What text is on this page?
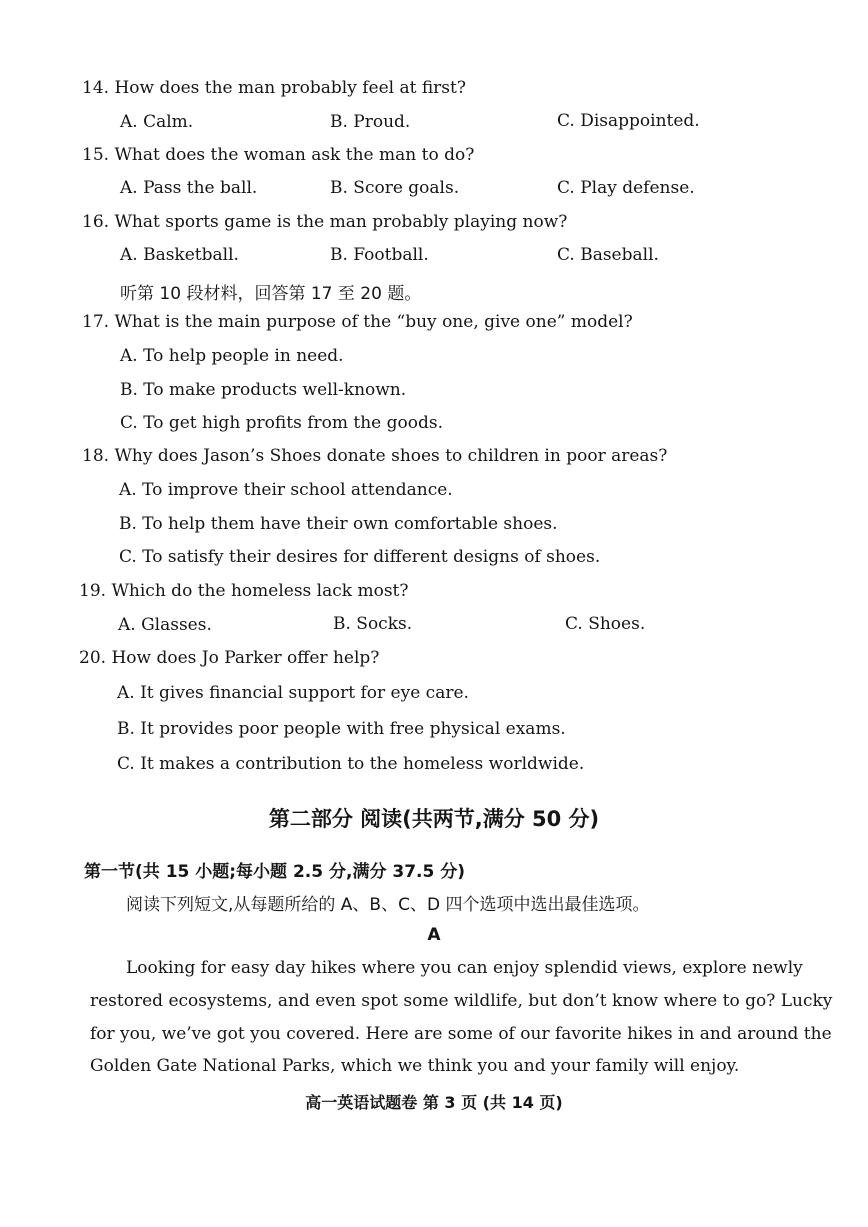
14. How does the man probably feel at first?
A. Calm.	B. Proud.	C. Disappointed.
15. What does the woman ask the man to do?
A. Pass the ball.	B. Score goals.	C. Play defense.
16. What sports game is the man probably playing now?
A. Basketball.	B. Football.	C. Baseball.
听第 10 段材料，回答第 17 至 20 题。
17. What is the main purpose of the “buy one, give one” model?
A. To help people in need.
B. To make products well-known.
C. To get high profits from the goods.
18. Why does Jason’s Shoes donate shoes to children in poor areas?
A. To improve their school attendance.
B. To help them have their own comfortable shoes.
C. To satisfy their desires for different designs of shoes.
19. Which do the homeless lack most?
A. Glasses.	B. Socks.	C. Shoes.
20. How does Jo Parker offer help?
A. It gives financial support for eye care.
B. It provides poor people with free physical exams.
C. It makes a contribution to the homeless worldwide.
第二部分 阅读(共两节,满分 50 分)
第一节(共 15 小题;每小题 2.5 分,满分 37.5 分)
阅读下列短文,从每题所给的 A、B、C、D 四个选项中选出最佳选项。
A
Looking for easy day hikes where you can enjoy splendid views, explore newly
restored ecosystems, and even spot some wildlife, but don’t know where to go? Lucky
for you, we’ve got you covered. Here are some of our favorite hikes in and around the
Golden Gate National Parks, which we think you and your family will enjoy.
高一英语试题卷 第 3 页 (共 14 页)
